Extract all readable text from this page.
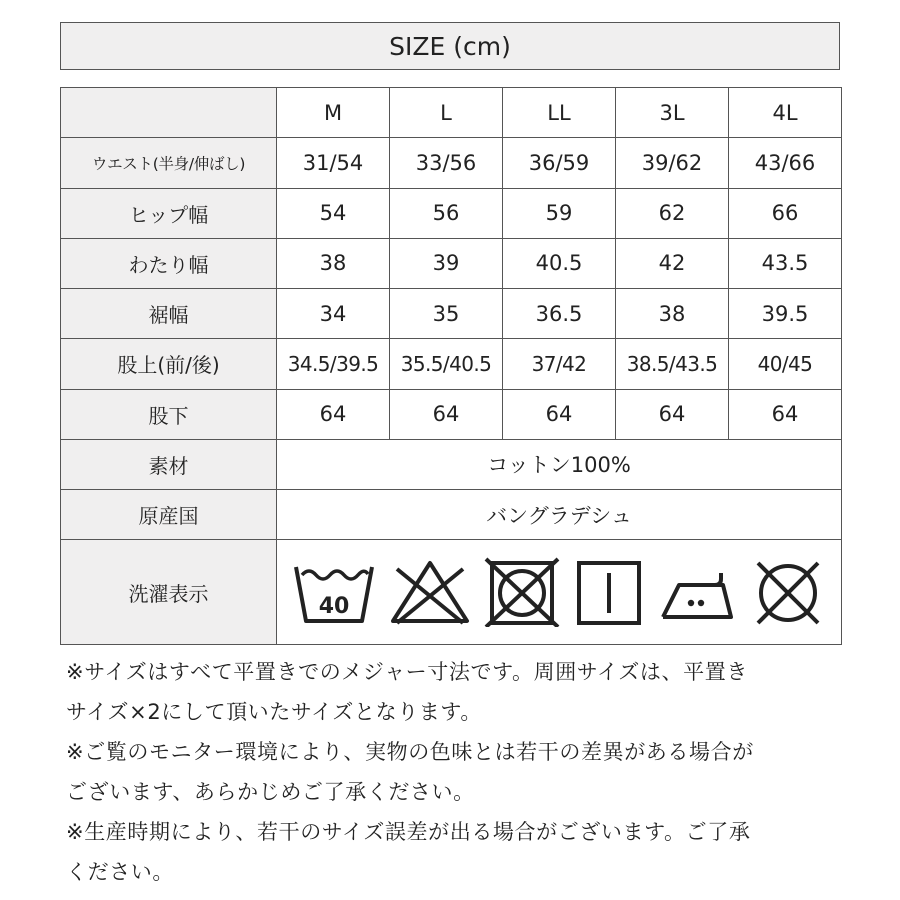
SIZE (cm)
	M	L	LL	3L	4L
ウエスト(半身/伸ばし)	31/54	33/56	36/59	39/62	43/66
ヒップ幅	54	56	59	62	66
わたり幅	38	39	40.5	42	43.5
裾幅	34	35	36.5	38	39.5
股上(前/後)	34.5/39.5	35.5/40.5	37/42	38.5/43.5	40/45
股下	64	64	64	64	64
素材	コットン100%				
原産国	バングラデシュ				
洗濯表示	40				

※サイズはすべて平置きでのメジャー寸法です。周囲サイズは、平置き

サイズ×2にして頂いたサイズとなります。

※ご覧のモニター環境により、実物の色味とは若干の差異がある場合が

ございます、あらかじめご了承ください。

※生産時期により、若干のサイズ誤差が出る場合がございます。ご了承

ください。
